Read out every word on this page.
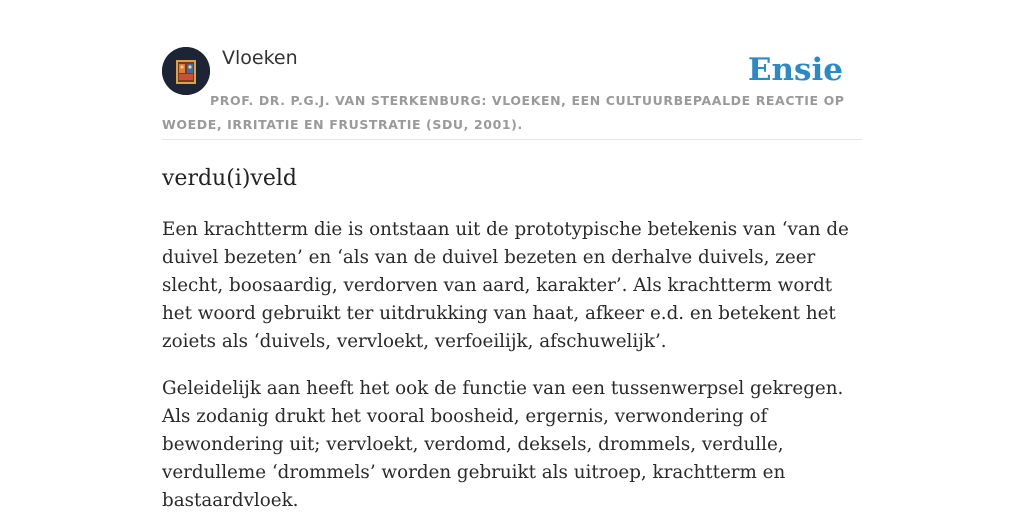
Vloeken	Ensie
PROF. DR. P.G.J. VAN STERKENBURG: VLOEKEN, EEN CULTUURBEPAALDE REACTIE OP WOEDE, IRRITATIE EN FRUSTRATIE (SDU, 2001).
verdu(i)veld

Een krachtterm die is ontstaan uit de prototypische betekenis van ‘van de duivel bezeten’ en ‘als van de duivel bezeten en derhalve duivels, zeer slecht, boosaardig, verdorven van aard, karakter’. Als krachtterm wordt het woord gebruikt ter uitdrukking van haat, afkeer e.d. en betekent het zoiets als ‘duivels, vervloekt, verfoeilijk, afschuwelijk’.

Geleidelijk aan heeft het ook de functie van een tussenwerpsel gekregen. Als zodanig drukt het vooral boosheid, ergernis, verwondering of bewondering uit; vervloekt, verdomd, deksels, drommels, verdulle, verdulleme ‘drommels’ worden gebruikt als uitroep, krachtterm en bastaardvloek.
